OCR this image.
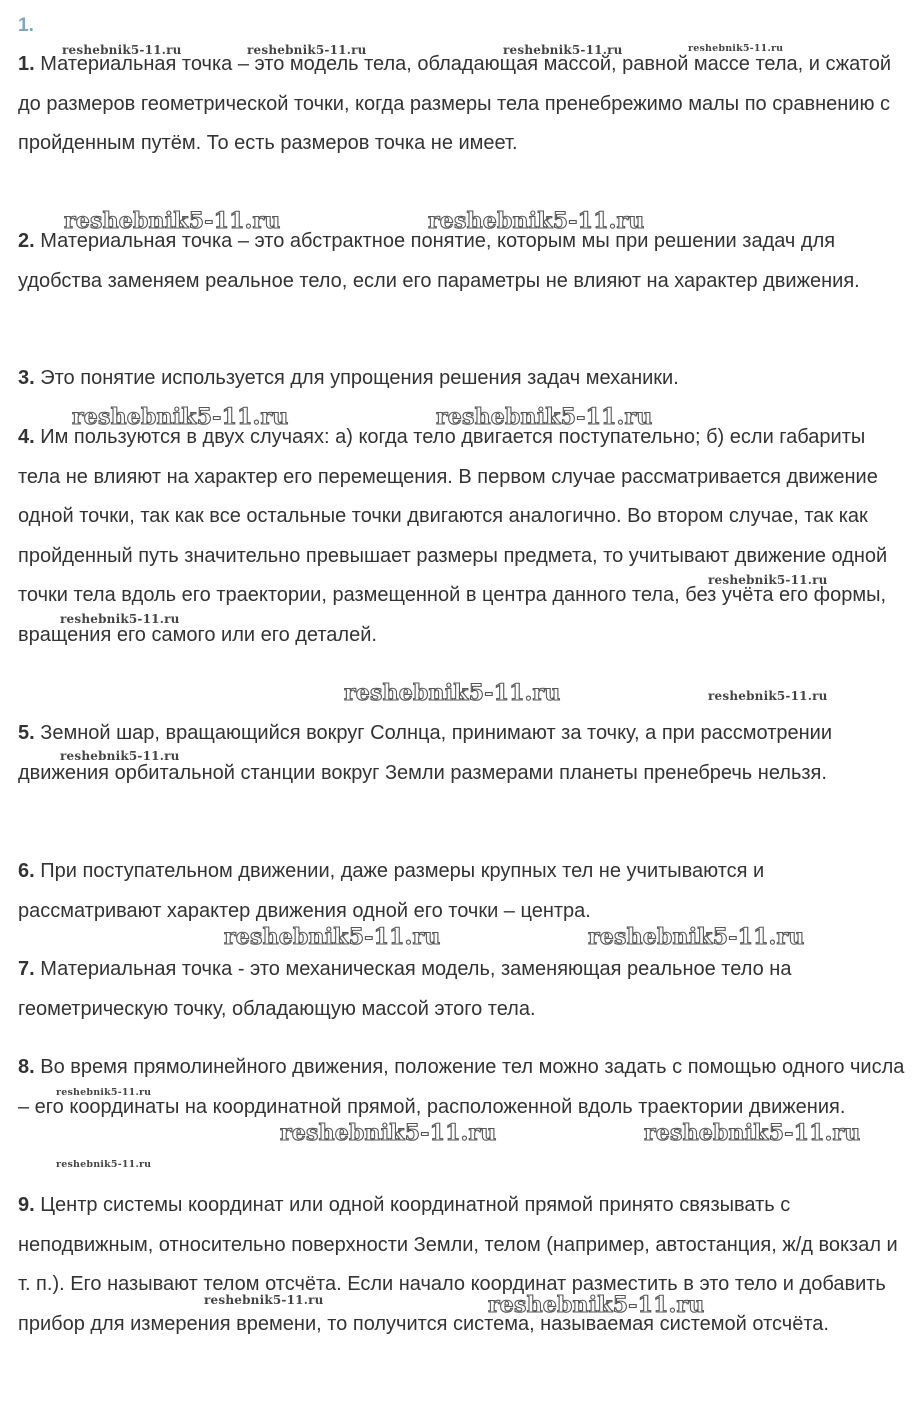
1.

1. Материальная точка – это модель тела, обладающая массой, равной массе тела, и сжатой до размеров геометрической точки, когда размеры тела пренебрежимо малы по сравнению с пройденным путём. То есть размеров точка не имеет.

2. Материальная точка – это абстрактное понятие, которым мы при решении задач для удобства заменяем реальное тело, если его параметры не влияют на характер движения.

3. Это понятие используется для упрощения решения задач механики.

4. Им пользуются в двух случаях: а) когда тело двигается поступательно; б) если габариты тела не влияют на характер его перемещения. В первом случае рассматривается движение одной точки, так как все остальные точки двигаются аналогично. Во втором случае, так как пройденный путь значительно превышает размеры предмета, то учитывают движение одной точки тела вдоль его траектории, размещенной в центра данного тела, без учёта его формы, вращения его самого или его деталей.

5. Земной шар, вращающийся вокруг Солнца, принимают за точку, а при рассмотрении движения орбитальной станции вокруг Земли размерами планеты пренебречь нельзя.

6. При поступательном движении, даже размеры крупных тел не учитываются и рассматривают характер движения одной его точки – центра.

7. Материальная точка - это механическая модель, заменяющая реальное тело на геометрическую точку, обладающую массой этого тела.

8. Во время прямолинейного движения, положение тел можно задать с помощью одного числа – его координаты на координатной прямой, расположенной вдоль траектории движения.

9. Центр системы координат или одной координатной прямой принято связывать с неподвижным, относительно поверхности Земли, телом (например, автостанция, ж/д вокзал и т. п.). Его называют телом отсчёта. Если начало координат разместить в это тело и добавить прибор для измерения времени, то получится система, называемая системой отсчёта.

reshebnik5-11.ru	reshebnik5-11.ru	reshebnik5-11.ru	reshebnik5-11.ru
reshebnik5-11.ru	reshebnik5-11.ru
reshebnik5-11.ru	reshebnik5-11.ru
reshebnik5-11.ru
reshebnik5-11.ru
reshebnik5-11.ru	reshebnik5-11.ru
reshebnik5-11.ru
reshebnik5-11.ru	reshebnik5-11.ru
reshebnik5-11.ru
reshebnik5-11.ru	reshebnik5-11.ru
reshebnik5-11.ru
reshebnik5-11.ru	reshebnik5-11.ru
